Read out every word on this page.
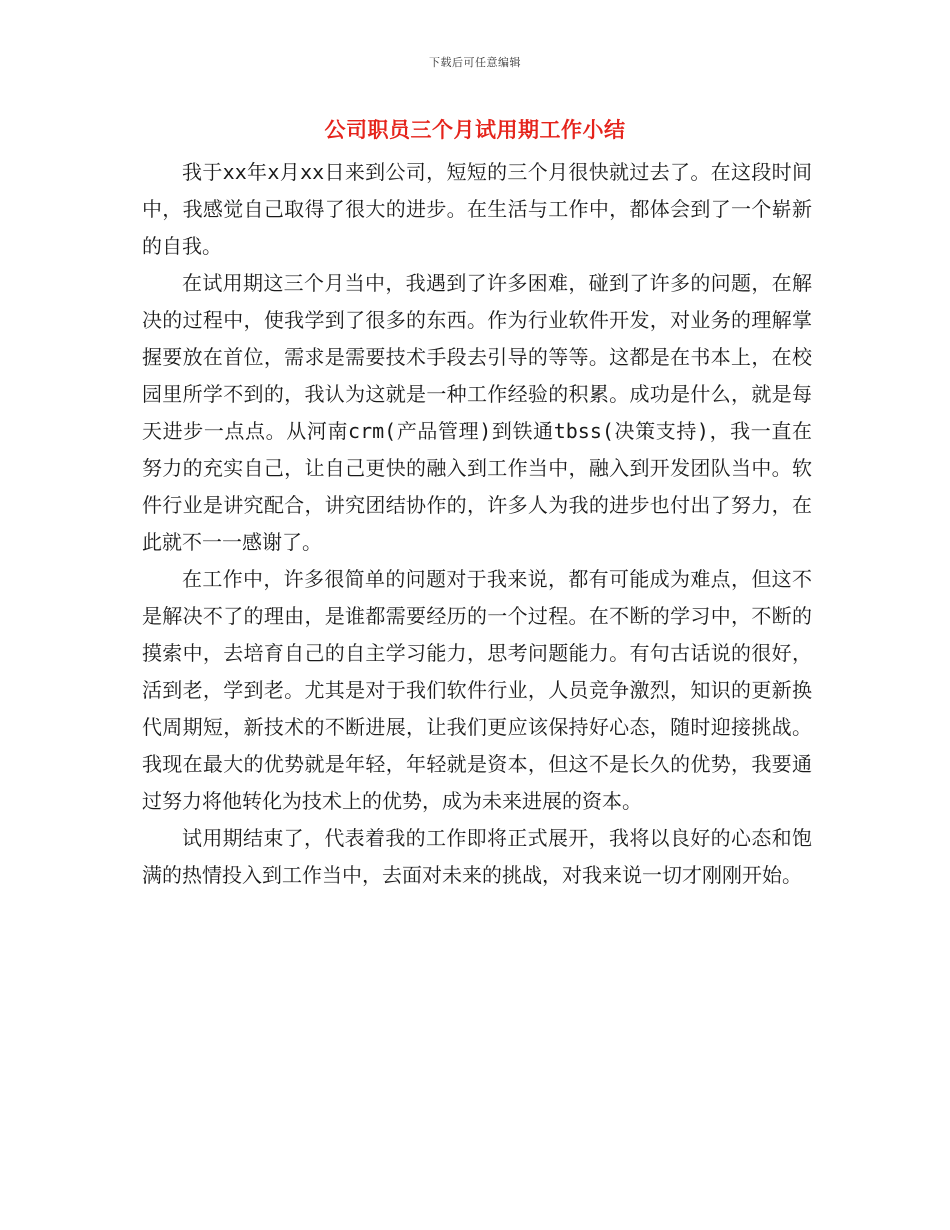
下载后可任意编辑
公司职员三个月试用期工作小结

我于xx年x月xx日来到公司，短短的三个月很快就过去了。在这段时间中，我感觉自己取得了很大的进步。在生活与工作中，都体会到了一个崭新的自我。

在试用期这三个月当中，我遇到了许多困难，碰到了许多的问题，在解决的过程中，使我学到了很多的东西。作为行业软件开发，对业务的理解掌握要放在首位，需求是需要技术手段去引导的等等。这都是在书本上，在校园里所学不到的，我认为这就是一种工作经验的积累。成功是什么，就是每天进步一点点。从河南crm(产品管理)到铁通tbss(决策支持)，我一直在努力的充实自己，让自己更快的融入到工作当中，融入到开发团队当中。软件行业是讲究配合，讲究团结协作的，许多人为我的进步也付出了努力，在此就不一一感谢了。

在工作中，许多很简单的问题对于我来说，都有可能成为难点，但这不是解决不了的理由，是谁都需要经历的一个过程。在不断的学习中，不断的摸索中，去培育自己的自主学习能力，思考问题能力。有句古话说的很好，活到老，学到老。尤其是对于我们软件行业，人员竞争激烈，知识的更新换代周期短，新技术的不断进展，让我们更应该保持好心态，随时迎接挑战。我现在最大的优势就是年轻，年轻就是资本，但这不是长久的优势，我要通过努力将他转化为技术上的优势，成为未来进展的资本。

试用期结束了，代表着我的工作即将正式展开，我将以良好的心态和饱满的热情投入到工作当中，去面对未来的挑战，对我来说一切才刚刚开始。
